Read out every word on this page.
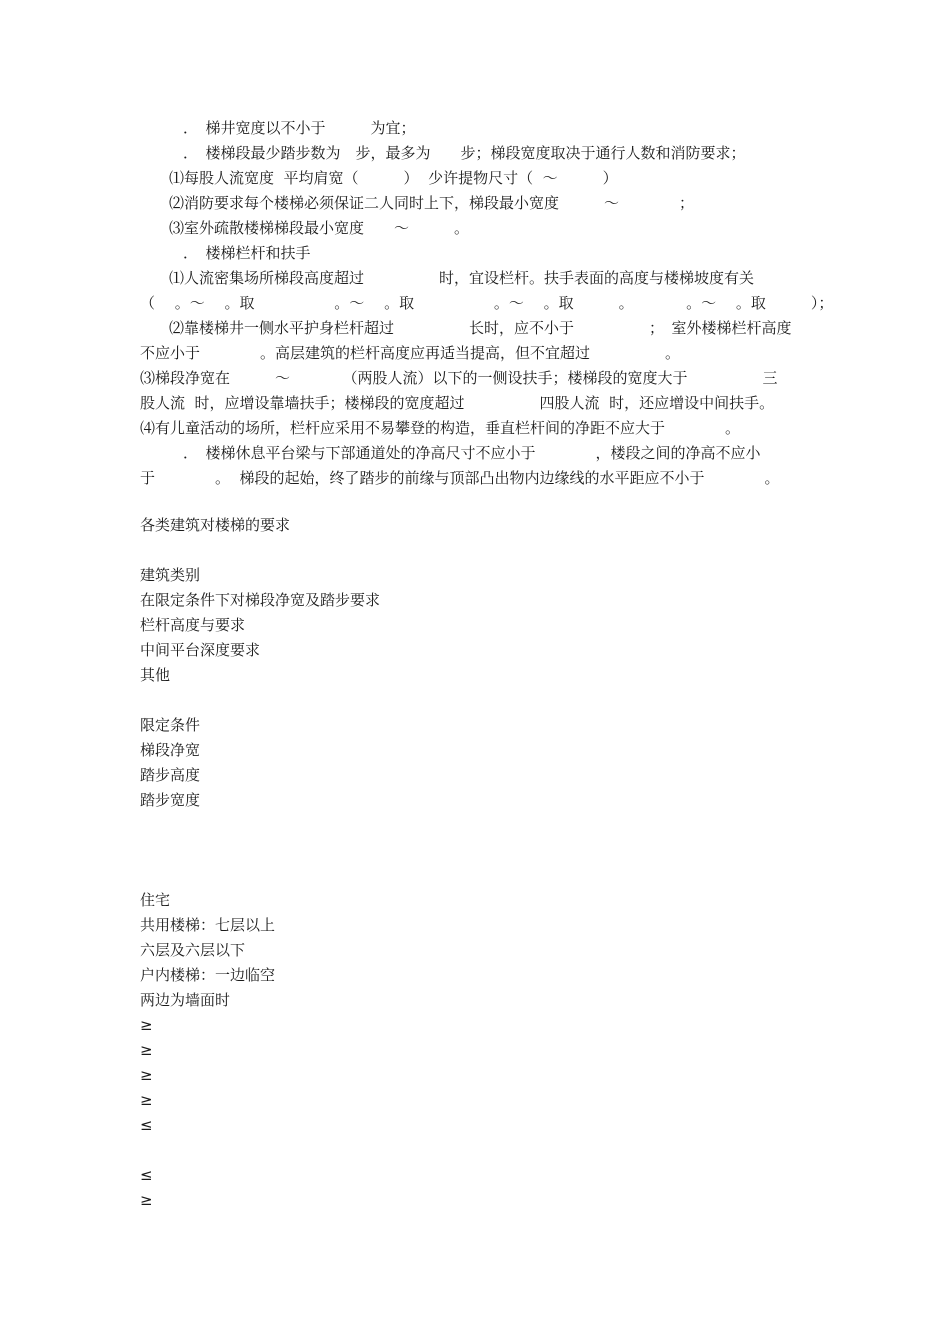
．　梯井宽度以不小于　　　为宜；
．　楼梯段最少踏步数为　步，最多为　　步；梯段宽度取决于通行人数和消防要求；
⑴每股人流宽度  平均肩宽（　　　）  少许提物尺寸（  ～　　　）
⑵消防要求每个楼梯必须保证二人同时上下，梯段最小宽度　　　～　　　　；
⑶室外疏散楼梯梯段最小宽度　　～　　　。
．　楼梯栏杆和扶手
⑴人流密集场所梯段高度超过　　　　　时，宜设栏杆。扶手表面的高度与楼梯坡度有关
（　 。～　 。取　　　　　 。～　 。取　　　　　 。～　 。取　　　。　　　　。～　 。取　　　）；
⑵靠楼梯井一侧水平护身栏杆超过　　　　　长时，应不小于　　　　　；　室外楼梯栏杆高度
不应小于　　　　。高层建筑的栏杆高度应再适当提高，但不宜超过　　　　　。
⑶梯段净宽在　　　～　　　　（两股人流）以下的一侧设扶手；楼梯段的宽度大于　　　　　三
股人流  时，应增设靠墙扶手；楼梯段的宽度超过　　　　　四股人流  时，还应增设中间扶手。
⑷有儿童活动的场所，栏杆应采用不易攀登的构造，垂直栏杆间的净距不应大于　　　　。
．　楼梯休息平台梁与下部通道处的净高尺寸不应小于　　　　，楼段之间的净高不应小
于　　　　。  梯段的起始，终了踏步的前缘与顶部凸出物内边缘线的水平距应不小于　　　　。
各类建筑对楼梯的要求
建筑类别
在限定条件下对梯段净宽及踏步要求
栏杆高度与要求
中间平台深度要求
其他
限定条件
梯段净宽
踏步高度
踏步宽度
住宅
共用楼梯：七层以上
六层及六层以下
户内楼梯：一边临空
两边为墙面时
≥
≥
≥
≥
≤
≤
≥
